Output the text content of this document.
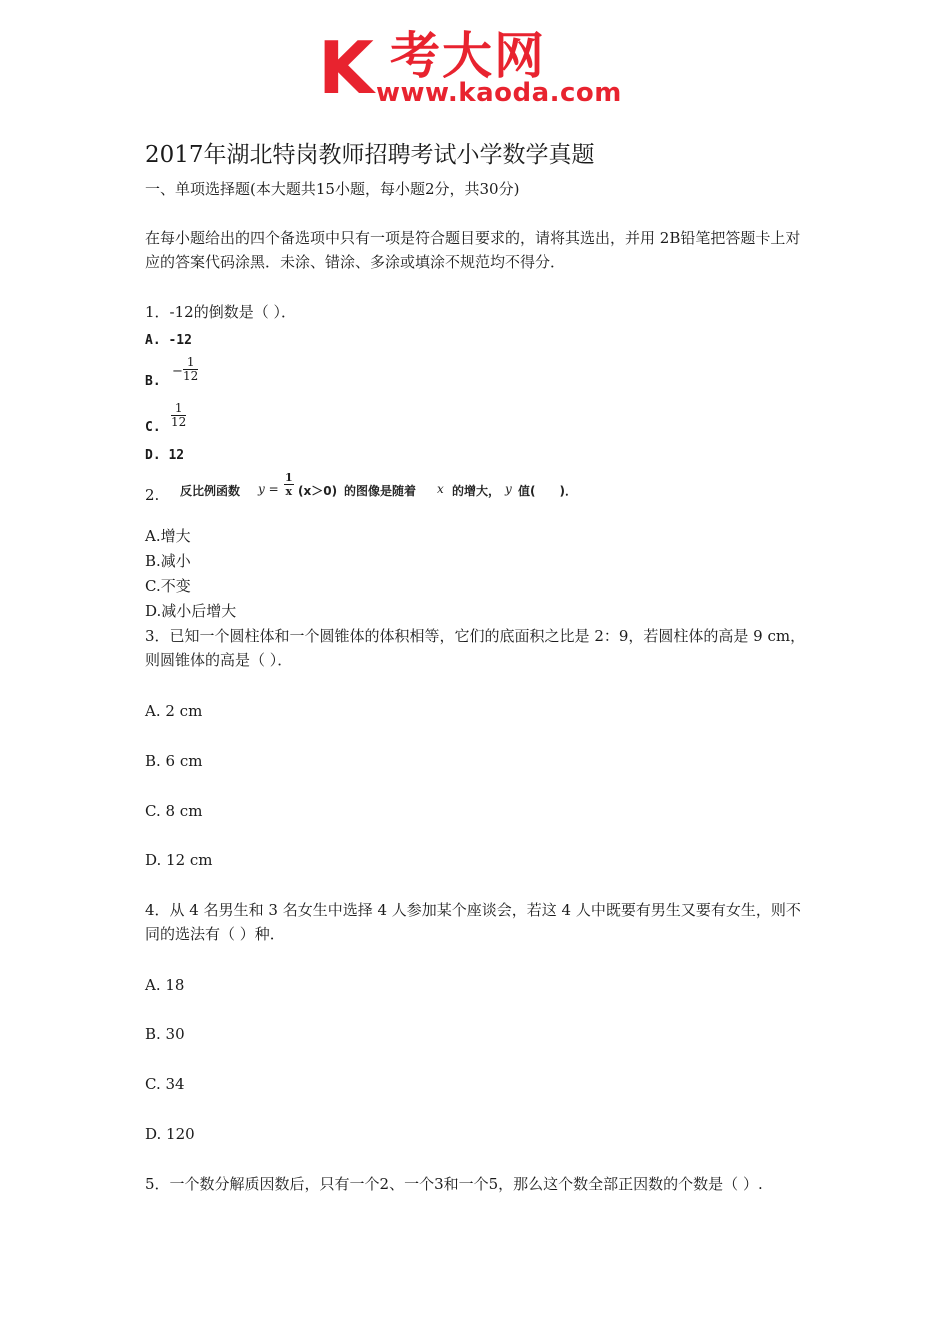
K 考大网
www.kaoda.com
2017年湖北特岗教师招聘考试小学数学真题
一、单项选择题(本大题共15小题，每小题2分，共30分)
在每小题给出的四个备选项中只有一项是符合题目要求的，请将其选出，并用 2B铅笔把答题卡上对应的答案代码涂黑．未涂、错涂、多涂或填涂不规范均不得分．
1．-12的倒数是（ ）．
A. -12
B.
− $\frac{1}{12}$
C. $\frac{1}{12}$
D. 12
2. 反比例函数 $y = \frac{1}{x} (x>0)$ 的图像是随着 x 的增大， y 值(　　)．
A.增大
B.减小
C.不变
D.减小后增大
3．已知一个圆柱体和一个圆锥体的体积相等，它们的底面积之比是 2：9，若圆柱体的高是 9 cm，则圆锥体的高是（ ）．
A. 2 cm
B. 6 cm
C. 8 cm
D. 12 cm
4．从 4 名男生和 3 名女生中选择 4 人参加某个座谈会，若这 4 人中既要有男生又要有女生，则不同的选法有（ ）种．
A. 18
B. 30
C. 34
D. 120
5．一个数分解质因数后，只有一个2、一个3和一个5，那么这个数全部正因数的个数是（ ）.
